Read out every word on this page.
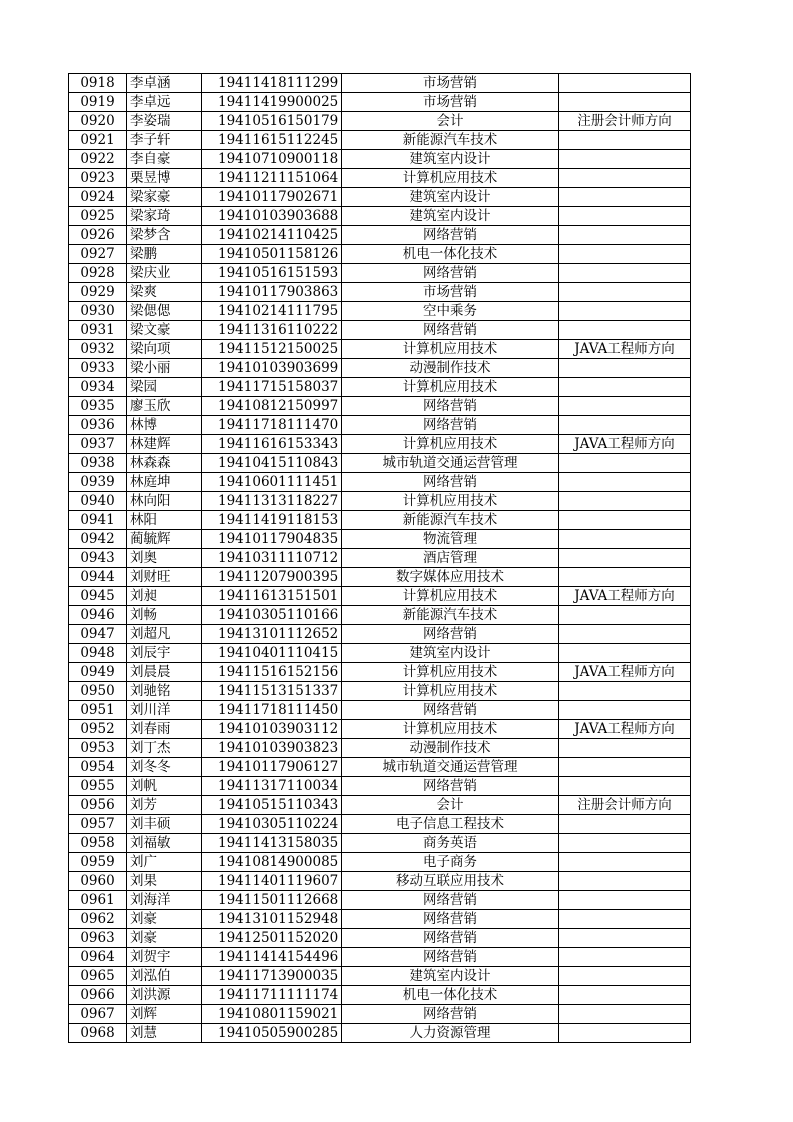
0918	李卓涵	19411418111299	市场营销	
0919	李卓远	19411419900025	市场营销	
0920	李姿瑞	19410516150179	会计	注册会计师方向
0921	李子轩	19411615112245	新能源汽车技术	
0922	李自豪	19410710900118	建筑室内设计	
0923	栗昱博	19411211151064	计算机应用技术	
0924	梁家豪	19410117902671	建筑室内设计	
0925	梁家琦	19410103903688	建筑室内设计	
0926	梁梦含	19410214110425	网络营销	
0927	梁鹏	19410501158126	机电一体化技术	
0928	梁庆业	19410516151593	网络营销	
0929	梁爽	19410117903863	市场营销	
0930	梁偲偲	19410214111795	空中乘务	
0931	梁文豪	19411316110222	网络营销	
0932	梁向项	19411512150025	计算机应用技术	JAVA工程师方向
0933	梁小丽	19410103903699	动漫制作技术	
0934	梁园	19411715158037	计算机应用技术	
0935	廖玉欣	19410812150997	网络营销	
0936	林博	19411718111470	网络营销	
0937	林建辉	19411616153343	计算机应用技术	JAVA工程师方向
0938	林森森	19410415110843	城市轨道交通运营管理	
0939	林庭坤	19410601111451	网络营销	
0940	林向阳	19411313118227	计算机应用技术	
0941	林阳	19411419118153	新能源汽车技术	
0942	蔺毓辉	19410117904835	物流管理	
0943	刘奥	19410311110712	酒店管理	
0944	刘财旺	19411207900395	数字媒体应用技术	
0945	刘昶	19411613151501	计算机应用技术	JAVA工程师方向
0946	刘畅	19410305110166	新能源汽车技术	
0947	刘超凡	19413101112652	网络营销	
0948	刘辰宇	19410401110415	建筑室内设计	
0949	刘晨晨	19411516152156	计算机应用技术	JAVA工程师方向
0950	刘驰铭	19411513151337	计算机应用技术	
0951	刘川洋	19411718111450	网络营销	
0952	刘春雨	19410103903112	计算机应用技术	JAVA工程师方向
0953	刘丁杰	19410103903823	动漫制作技术	
0954	刘冬冬	19410117906127	城市轨道交通运营管理	
0955	刘帆	19411317110034	网络营销	
0956	刘芳	19410515110343	会计	注册会计师方向
0957	刘丰硕	19410305110224	电子信息工程技术	
0958	刘福敏	19411413158035	商务英语	
0959	刘广	19410814900085	电子商务	
0960	刘果	19411401119607	移动互联应用技术	
0961	刘海洋	19411501112668	网络营销	
0962	刘豪	19413101152948	网络营销	
0963	刘豪	19412501152020	网络营销	
0964	刘贺宇	19411414154496	网络营销	
0965	刘泓伯	19411713900035	建筑室内设计	
0966	刘洪源	19411711111174	机电一体化技术	
0967	刘辉	19410801159021	网络营销	
0968	刘慧	19410505900285	人力资源管理	
